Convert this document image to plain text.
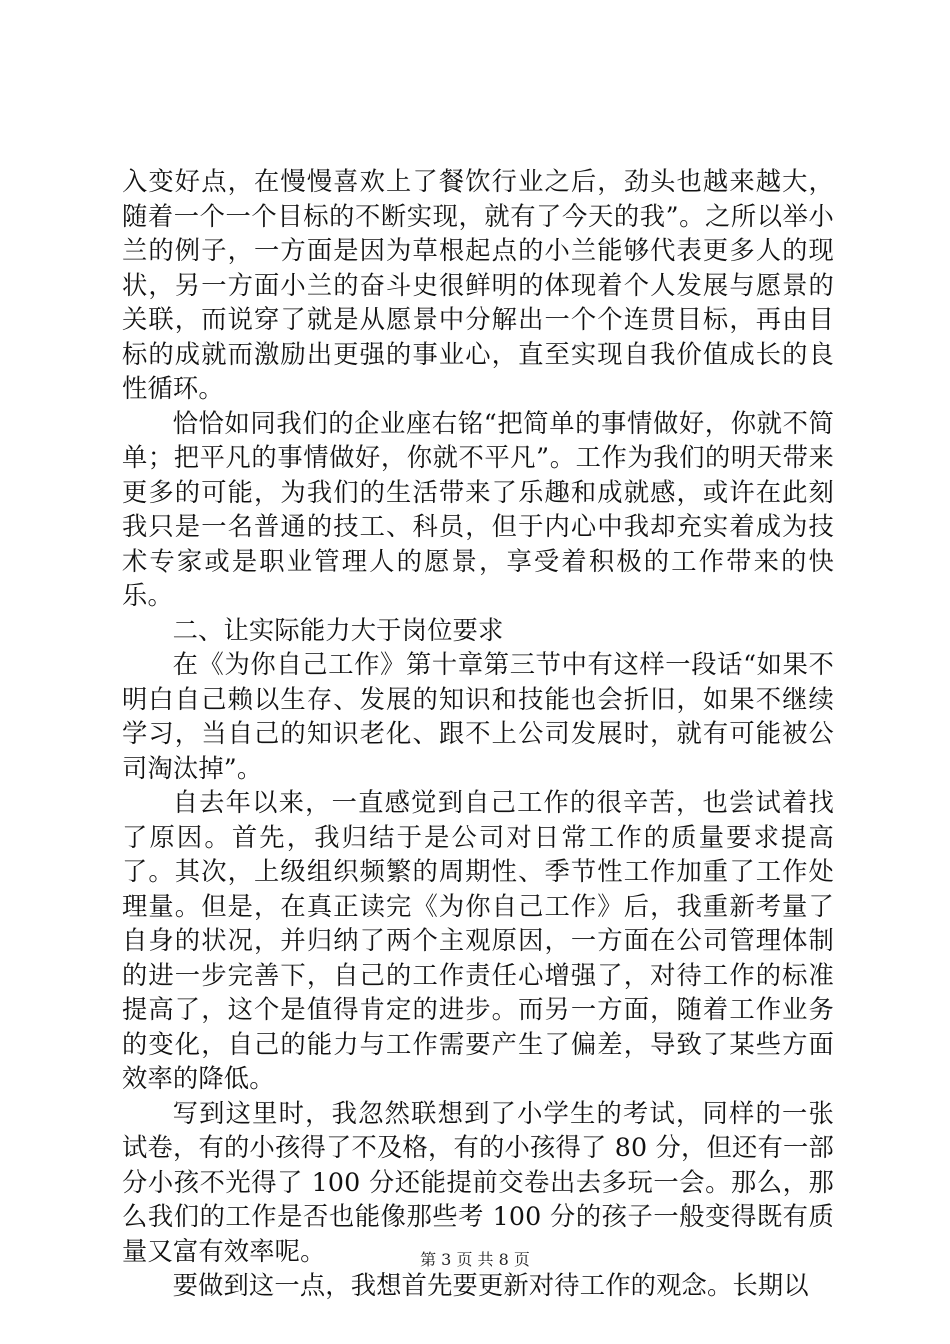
入变好点，在慢慢喜欢上了餐饮行业之后，劲头也越来越大，随着一个一个目标的不断实现，就有了今天的我”。之所以举小兰的例子，一方面是因为草根起点的小兰能够代表更多人的现状，另一方面小兰的奋斗史很鲜明的体现着个人发展与愿景的关联，而说穿了就是从愿景中分解出一个个连贯目标，再由目标的成就而激励出更强的事业心，直至实现自我价值成长的良性循环。

恰恰如同我们的企业座右铭“把简单的事情做好，你就不简单；把平凡的事情做好，你就不平凡”。工作为我们的明天带来更多的可能，为我们的生活带来了乐趣和成就感，或许在此刻我只是一名普通的技工、科员，但于内心中我却充实着成为技术专家或是职业管理人的愿景，享受着积极的工作带来的快乐。

二、让实际能力大于岗位要求

在《为你自己工作》第十章第三节中有这样一段话“如果不明白自己赖以生存、发展的知识和技能也会折旧，如果不继续学习，当自己的知识老化、跟不上公司发展时，就有可能被公司淘汰掉”。

自去年以来，一直感觉到自己工作的很辛苦，也尝试着找了原因。首先，我归结于是公司对日常工作的质量要求提高了。其次，上级组织频繁的周期性、季节性工作加重了工作处理量。但是，在真正读完《为你自己工作》后，我重新考量了自身的状况，并归纳了两个主观原因，一方面在公司管理体制的进一步完善下，自己的工作责任心增强了，对待工作的标准提高了，这个是值得肯定的进步。而另一方面，随着工作业务的变化，自己的能力与工作需要产生了偏差，导致了某些方面效率的降低。

写到这里时，我忽然联想到了小学生的考试，同样的一张试卷，有的小孩得了不及格，有的小孩得了 80 分，但还有一部分小孩不光得了 100 分还能提前交卷出去多玩一会。那么，那么我们的工作是否也能像那些考 100 分的孩子一般变得既有质量又富有效率呢。

要做到这一点，我想首先要更新对待工作的观念。长期以

第 3 页 共 8 页
